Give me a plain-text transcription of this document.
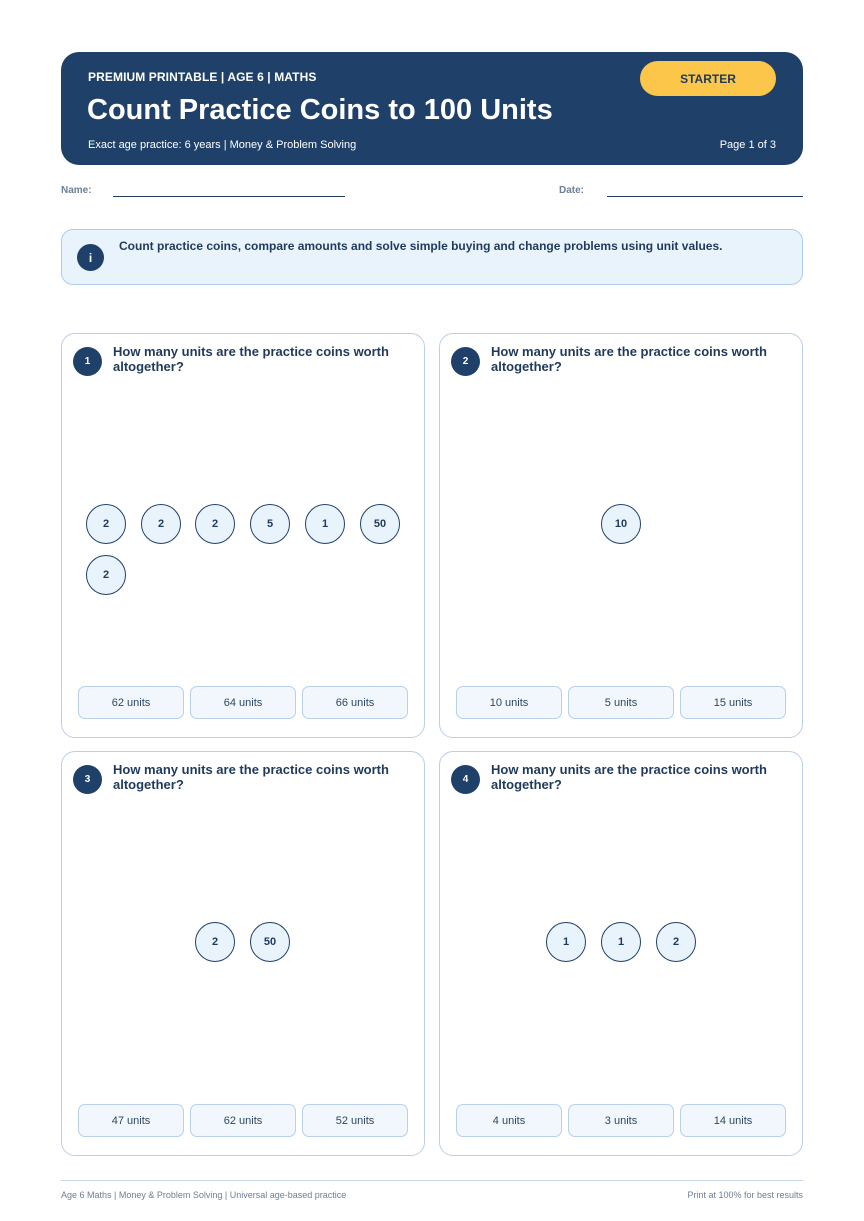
PREMIUM PRINTABLE | AGE 6 | MATHS
Count Practice Coins to 100 Units
Exact age practice: 6 years | Money & Problem Solving	Page 1 of 3
STARTER
Name:	Date:
i
Count practice coins, compare amounts and solve simple buying and change problems using unit values.
1
How many units are the practice coins worth altogether?
2	2	2	5	1	50
2
62 units	64 units	66 units
2
How many units are the practice coins worth altogether?
10
10 units	5 units	15 units
3
How many units are the practice coins worth altogether?
2	50
47 units	62 units	52 units
4
How many units are the practice coins worth altogether?
1	1	2
4 units	3 units	14 units
Age 6 Maths | Money & Problem Solving | Universal age-based practice	Print at 100% for best results
